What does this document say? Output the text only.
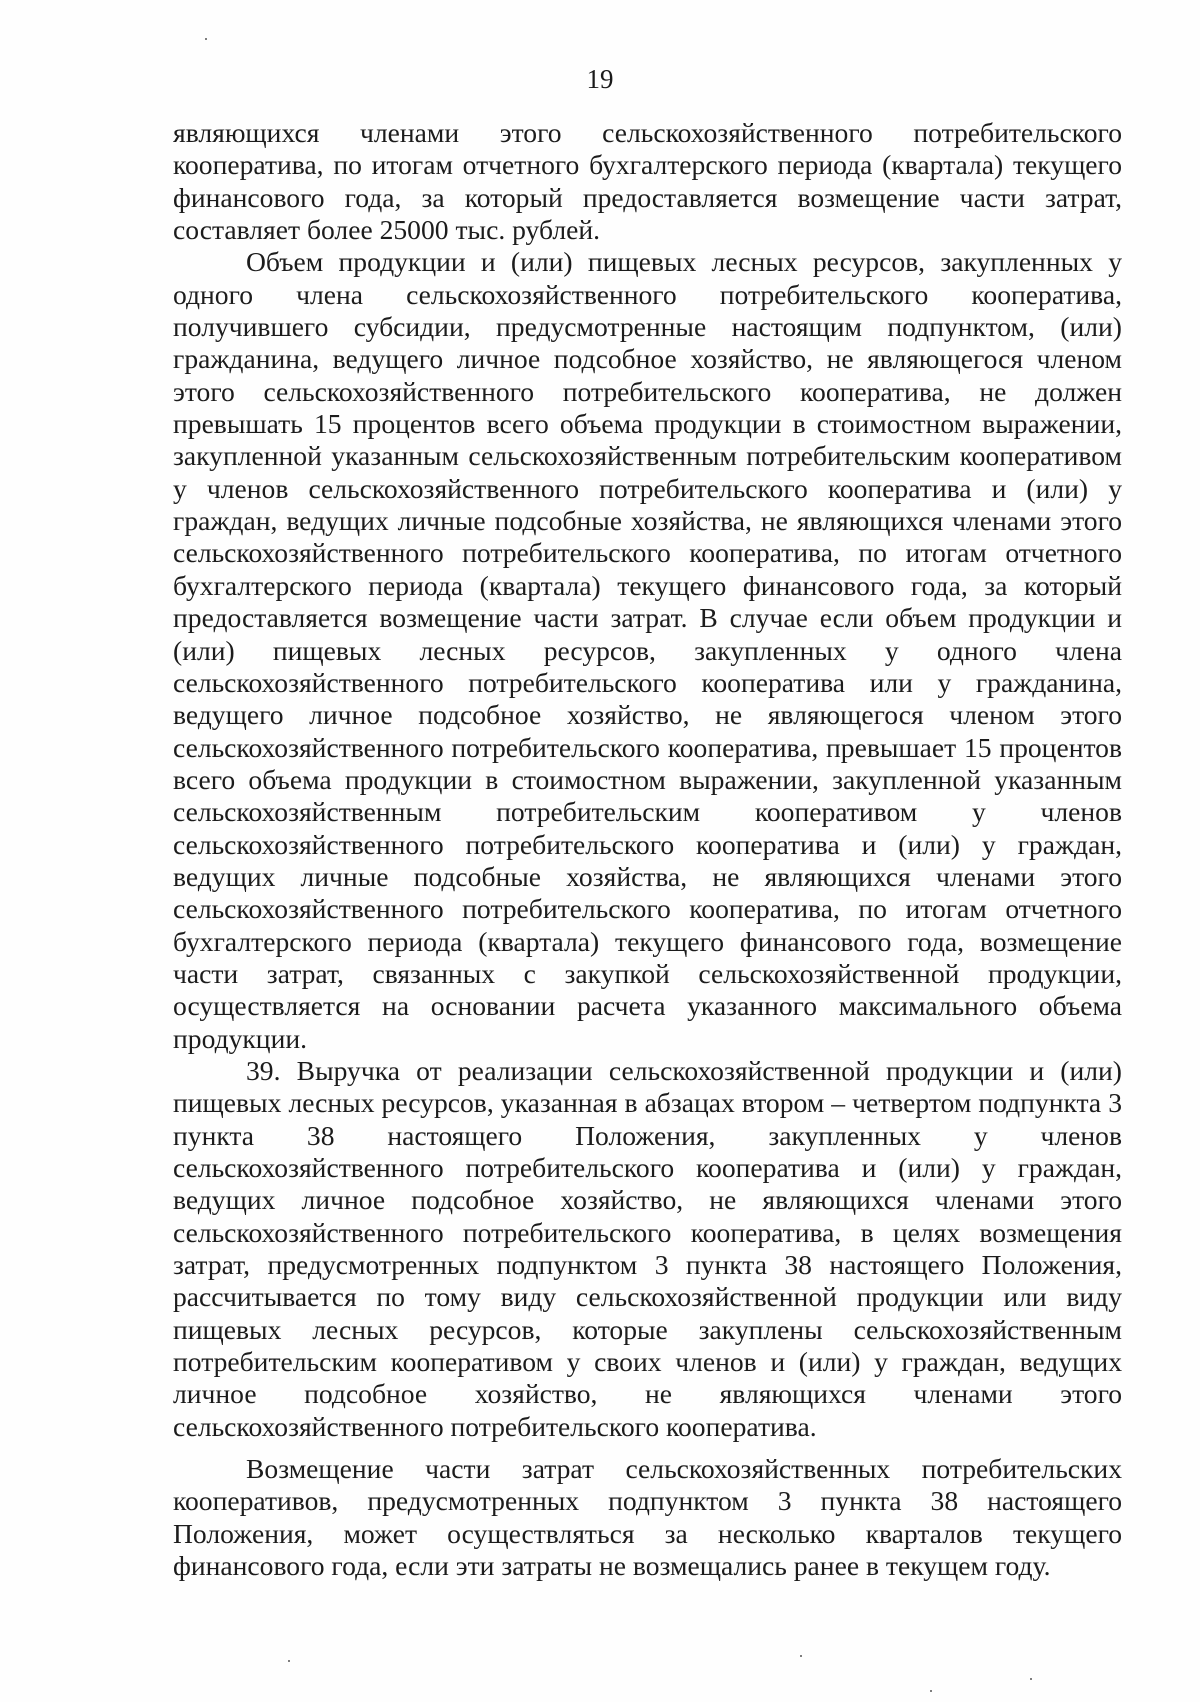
19

являющихся членами этого сельскохозяйственного потребительского кооператива, по итогам отчетного бухгалтерского периода (квартала) текущего финансового года, за который предоставляется возмещение части затрат, составляет более 25000 тыс. рублей.

Объем продукции и (или) пищевых лесных ресурсов, закупленных у одного члена сельскохозяйственного потребительского кооператива, получившего субсидии, предусмотренные настоящим подпунктом, (или) гражданина, ведущего личное подсобное хозяйство, не являющегося членом этого сельскохозяйственного потребительского кооператива, не должен превышать 15 процентов всего объема продукции в стоимостном выражении, закупленной указанным сельскохозяйственным потребительским кооперативом у членов сельскохозяйственного потребительского кооператива и (или) у граждан, ведущих личные подсобные хозяйства, не являющихся членами этого сельскохозяйственного потребительского кооператива, по итогам отчетного бухгалтерского периода (квартала) текущего финансового года, за который предоставляется возмещение части затрат. В случае если объем продукции и (или) пищевых лесных ресурсов, закупленных у одного члена сельскохозяйственного потребительского кооператива или у гражданина, ведущего личное подсобное хозяйство, не являющегося членом этого сельскохозяйственного потребительского кооператива, превышает 15 процентов всего объема продукции в стоимостном выражении, закупленной указанным сельскохозяйственным потребительским кооперативом у членов сельскохозяйственного потребительского кооператива и (или) у граждан, ведущих личные подсобные хозяйства, не являющихся членами этого сельскохозяйственного потребительского кооператива, по итогам отчетного бухгалтерского периода (квартала) текущего финансового года, возмещение части затрат, связанных с закупкой сельскохозяйственной продукции, осуществляется на основании расчета указанного максимального объема продукции.

39. Выручка от реализации сельскохозяйственной продукции и (или) пищевых лесных ресурсов, указанная в абзацах втором – четвертом подпункта 3 пункта 38 настоящего Положения, закупленных у членов сельскохозяйственного потребительского кооператива и (или) у граждан, ведущих личное подсобное хозяйство, не являющихся членами этого сельскохозяйственного потребительского кооператива, в целях возмещения затрат, предусмотренных подпунктом 3 пункта 38 настоящего Положения, рассчитывается по тому виду сельскохозяйственной продукции или виду пищевых лесных ресурсов, которые закуплены сельскохозяйственным потребительским кооперативом у своих членов и (или) у граждан, ведущих личное подсобное хозяйство, не являющихся членами этого сельскохозяйственного потребительского кооператива.

Возмещение части затрат сельскохозяйственных потребительских кооперативов, предусмотренных подпунктом 3 пункта 38 настоящего Положения, может осуществляться за несколько кварталов текущего финансового года, если эти затраты не возмещались ранее в текущем году.
